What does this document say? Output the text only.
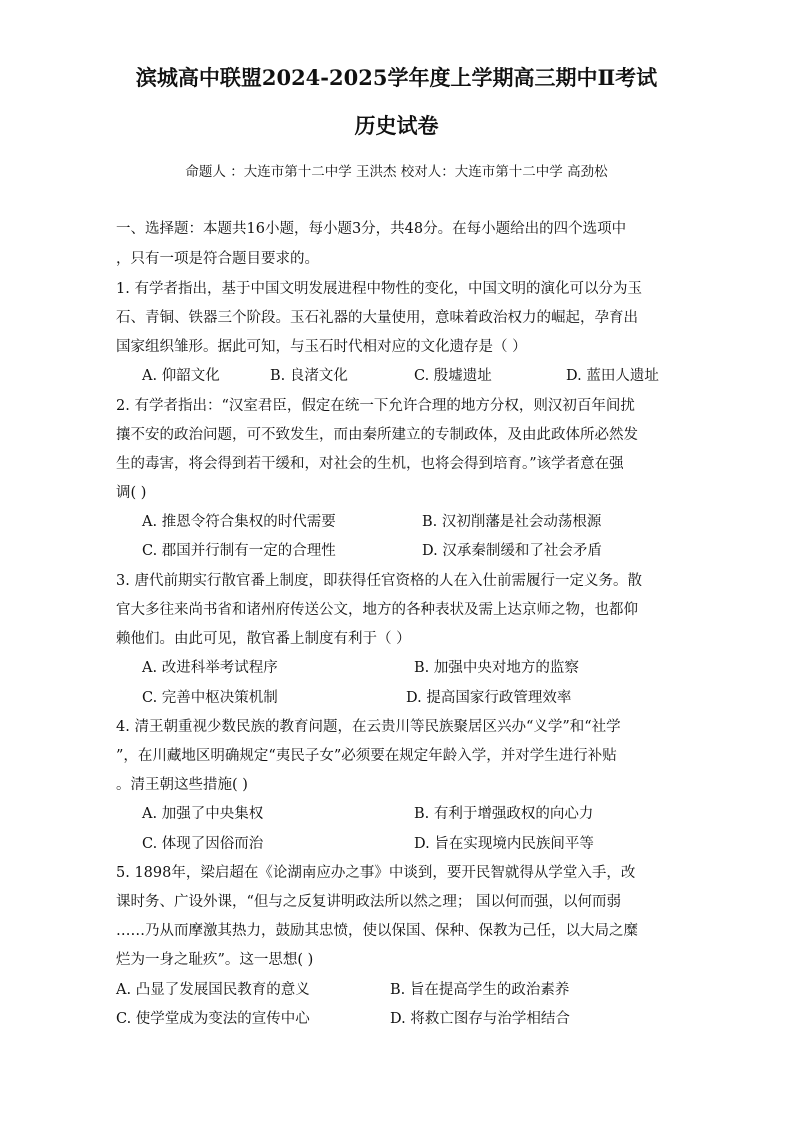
滨城高中联盟2024-2025学年度上学期高三期中Ⅱ考试
历史试卷
命题人 ：大连市第十二中学 王洪杰 校对人：大连市第十二中学 高劲松
一、选择题：本题共16小题，每小题3分，共48分。在每小题给出的四个选项中
，只有一项是符合题目要求的。
1. 有学者指出，基于中国文明发展进程中物性的变化，中国文明的演化可以分为玉
石、青铜、铁器三个阶段。玉石礼器的大量使用，意味着政治权力的崛起，孕育出
国家组织雏形。据此可知，与玉石时代相对应的文化遗存是（ ）
A. 仰韶文化	B. 良渚文化	C. 殷墟遗址	D. 蓝田人遗址
2. 有学者指出：“汉室君臣，假定在统一下允许合理的地方分权，则汉初百年间扰
攘不安的政治问题，可不致发生，而由秦所建立的专制政体，及由此政体所必然发
生的毒害，将会得到若干缓和，对社会的生机，也将会得到培育。”该学者意在强
调( )
A. 推恩令符合集权的时代需要	B. 汉初削藩是社会动荡根源
C. 郡国并行制有一定的合理性	D. 汉承秦制缓和了社会矛盾
3. 唐代前期实行散官番上制度，即获得任官资格的人在入仕前需履行一定义务。散
官大多往来尚书省和诸州府传送公文，地方的各种表状及需上达京师之物，也都仰
赖他们。由此可见，散官番上制度有利于（ ）
A. 改进科举考试程序	B. 加强中央对地方的监察
C. 完善中枢决策机制	D. 提高国家行政管理效率
4. 清王朝重视少数民族的教育问题，在云贵川等民族聚居区兴办“义学”和“社学
”，在川藏地区明确规定“夷民子女”必须要在规定年龄入学，并对学生进行补贴
。清王朝这些措施( )
A. 加强了中央集权	B. 有利于增强政权的向心力
C. 体现了因俗而治	D. 旨在实现境内民族间平等
5. 1898年，梁启超在《论湖南应办之事》中谈到，要开民智就得从学堂入手，改
课时务、广设外课，“但与之反复讲明政法所以然之理； 国以何而强，以何而弱
……乃从而摩激其热力，鼓励其忠愤，使以保国、保种、保教为己任，以大局之糜
烂为一身之耻疚”。这一思想( )
A. 凸显了发展国民教育的意义	B. 旨在提高学生的政治素养
C. 使学堂成为变法的宣传中心	D. 将救亡图存与治学相结合
